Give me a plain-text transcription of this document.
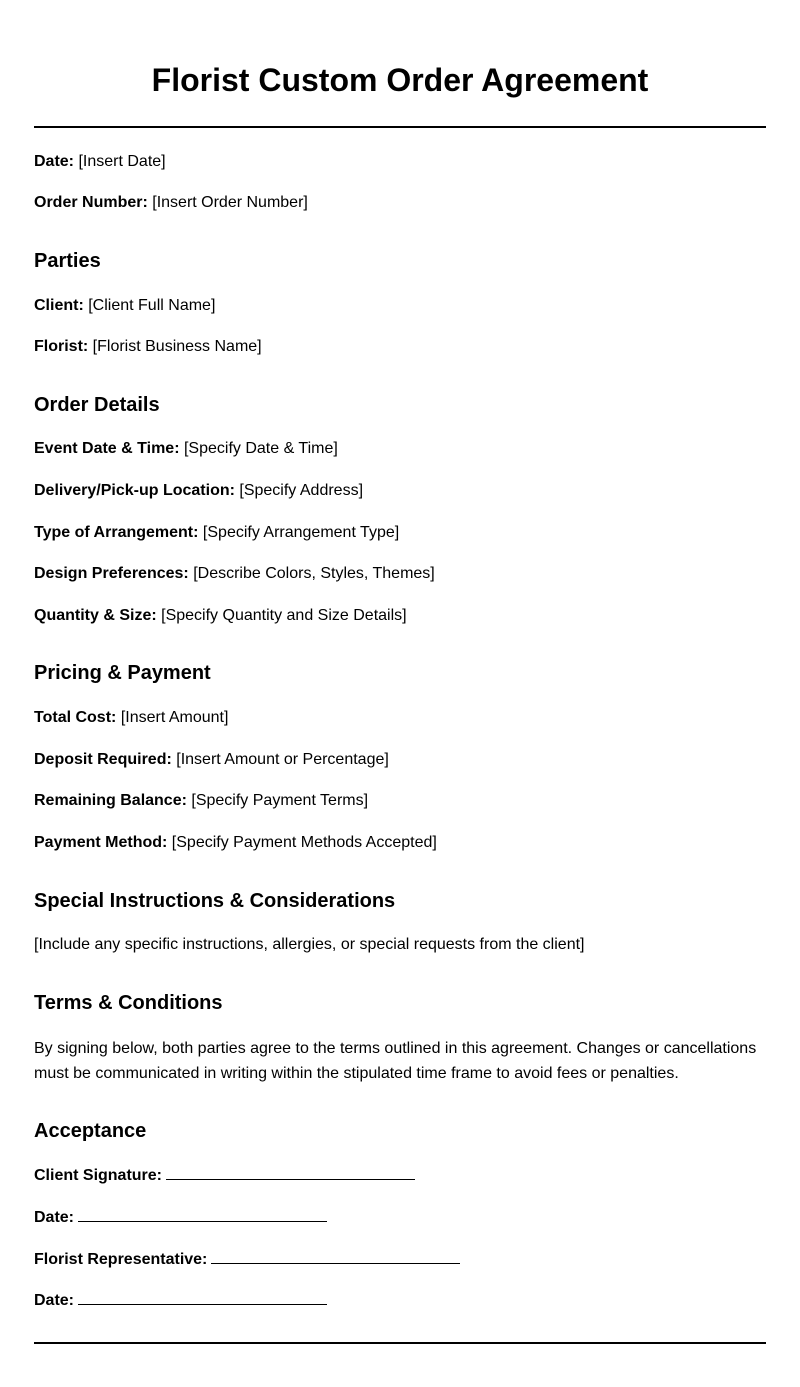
Florist Custom Order Agreement
Date: [Insert Date]
Order Number: [Insert Order Number]
Parties
Client: [Client Full Name]
Florist: [Florist Business Name]
Order Details
Event Date & Time: [Specify Date & Time]
Delivery/Pick-up Location: [Specify Address]
Type of Arrangement: [Specify Arrangement Type]
Design Preferences: [Describe Colors, Styles, Themes]
Quantity & Size: [Specify Quantity and Size Details]
Pricing & Payment
Total Cost: [Insert Amount]
Deposit Required: [Insert Amount or Percentage]
Remaining Balance: [Specify Payment Terms]
Payment Method: [Specify Payment Methods Accepted]
Special Instructions & Considerations
[Include any specific instructions, allergies, or special requests from the client]
Terms & Conditions

By signing below, both parties agree to the terms outlined in this agreement. Changes or cancellations must be communicated in writing within the stipulated time frame to avoid fees or penalties.

Acceptance
Client Signature:
Date:
Florist Representative:
Date:
